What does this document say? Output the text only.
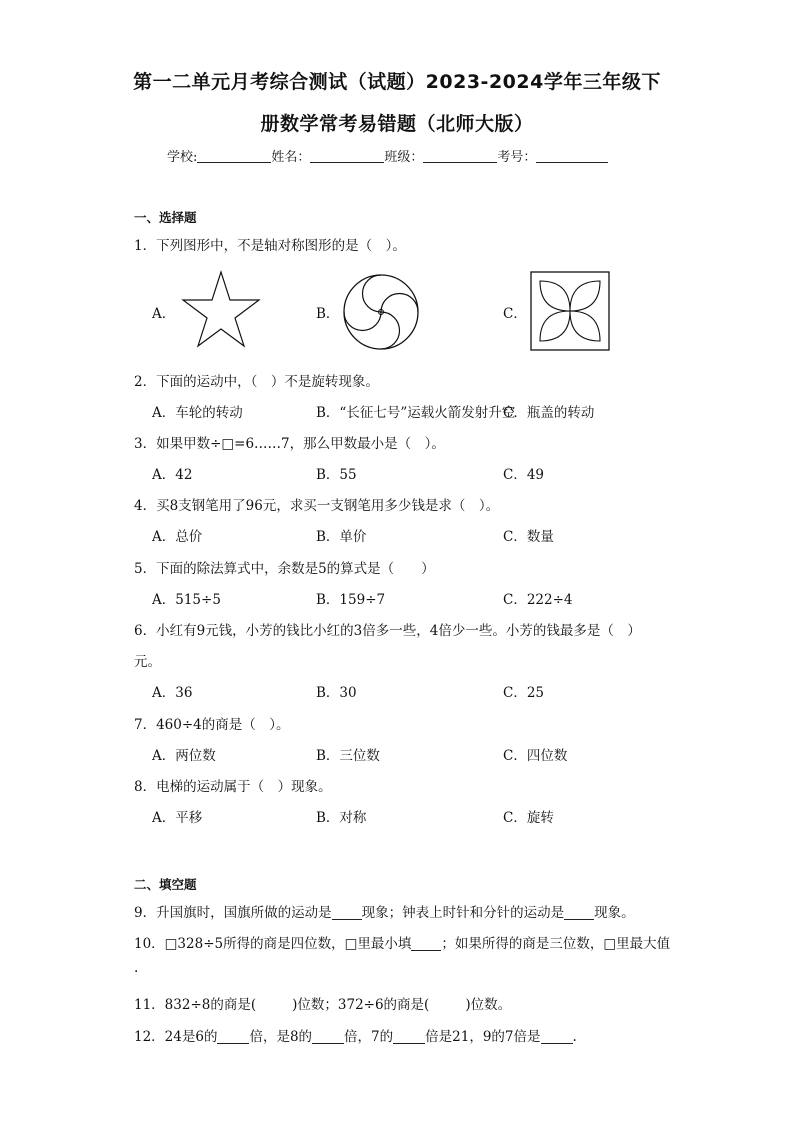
第一二单元月考综合测试（试题）2023-2024学年三年级下
册数学常考易错题（北师大版）
学校:	姓名：	班级：	考号：
一、选择题
1．下列图形中，不是轴对称图形的是（　）。
A．	B．	C．
2．下面的运动中，（　）不是旋转现象。
A．车轮的转动	B．“长征七号”运载火箭发射升空
C．瓶盖的转动
3．如果甲数÷□=6……7，那么甲数最小是（　）。
A．42	B．55	C．49
4．买8支钢笔用了96元，求买一支钢笔用多少钱是求（　）。
A．总价	B．单价	C．数量
5．下面的除法算式中，余数是5的算式是（　　）
A．515÷5	B．159÷7	C．222÷4
6．小红有9元钱，小芳的钱比小红的3倍多一些，4倍少一些。小芳的钱最多是（　）
元。
A．36	B．30	C．25
7．460÷4的商是（　）。
A．两位数	B．三位数	C．四位数
8．电梯的运动属于（　）现象。
A．平移	B．对称	C．旋转
二、填空题
9．升国旗时，国旗所做的运动是 现象；钟表上时针和分针的运动是 现象。
10．□328÷5所得的商是四位数，□里最小填 ；如果所得的商是三位数，□里最大值
.
11．832÷8的商是(	)位数；372÷6的商是(	)位数。
12．24是6的 倍，是8的 倍，7的 倍是21，9的7倍是 .
